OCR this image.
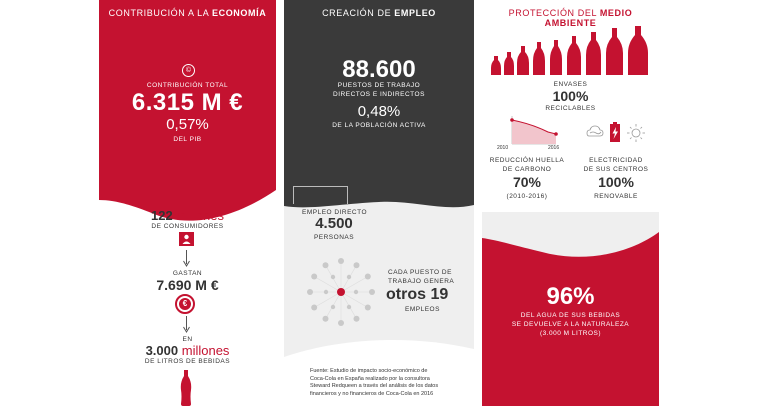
CONTRIBUCIÓN A LA ECONOMÍA
©
CONTRIBUCIÓN TOTAL
6.315 M €
0,57%
DEL PIB
122 millones
DE CONSUMIDORES
GASTAN
7.690 M €
€
EN
3.000 millones
DE LITROS DE BEBIDAS
CREACIÓN DE EMPLEO
88.600
PUESTOS DE TRABAJO
DIRECTOS E INDIRECTOS
0,48%
DE LA POBLACIÓN ACTIVA
EMPLEO DIRECTO
4.500
PERSONAS
CADA PUESTO DE
TRABAJO GENERA
otros 19
EMPLEOS
Fuente: Estudio de impacto socio-económico de
Coca-Cola en España realizado por la consultora
Steward Redqueen a través del análisis de los datos
financieros y no financieros de Coca-Cola en 2016
PROTECCIÓN DEL MEDIO AMBIENTE
ENVASES
100%
RECICLABLES
2010	2016
REDUCCIÓN HUELLA
DE CARBONO
70%
(2010-2016)
ELECTRICIDAD
DE SUS CENTROS
100%
RENOVABLE
96%
DEL AGUA DE SUS BEBIDAS
SE DEVUELVE A LA NATURALEZA
(3.000 M LITROS)
